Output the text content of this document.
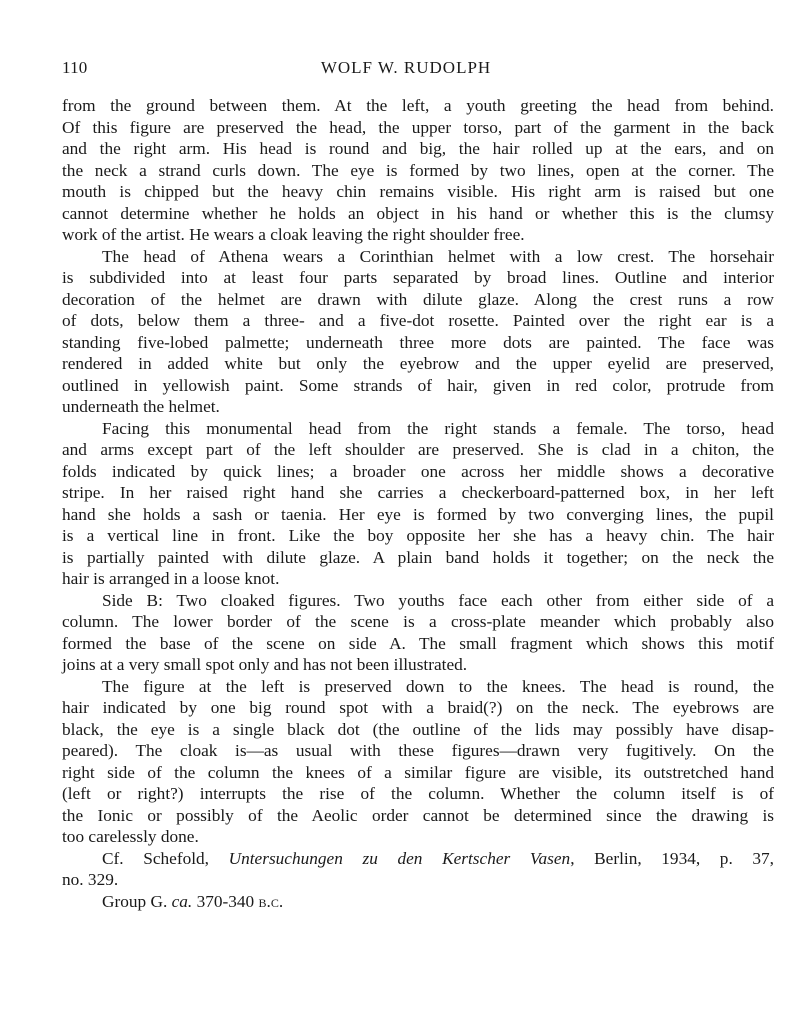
110	WOLF W. RUDOLPH
from the ground between them. At the left, a youth greeting the head from behind.
Of this figure are preserved the head, the upper torso, part of the garment in the back
and the right arm. His head is round and big, the hair rolled up at the ears, and on
the neck a strand curls down. The eye is formed by two lines, open at the corner. The
mouth is chipped but the heavy chin remains visible. His right arm is raised but one
cannot determine whether he holds an object in his hand or whether this is the clumsy
work of the artist. He wears a cloak leaving the right shoulder free.
The head of Athena wears a Corinthian helmet with a low crest. The horsehair
is subdivided into at least four parts separated by broad lines. Outline and interior
decoration of the helmet are drawn with dilute glaze. Along the crest runs a row
of dots, below them a three- and a five-dot rosette. Painted over the right ear is a
standing five-lobed palmette; underneath three more dots are painted. The face was
rendered in added white but only the eyebrow and the upper eyelid are preserved,
outlined in yellowish paint. Some strands of hair, given in red color, protrude from
underneath the helmet.
Facing this monumental head from the right stands a female. The torso, head
and arms except part of the left shoulder are preserved. She is clad in a chiton, the
folds indicated by quick lines; a broader one across her middle shows a decorative
stripe. In her raised right hand she carries a checkerboard-patterned box, in her left
hand she holds a sash or taenia. Her eye is formed by two converging lines, the pupil
is a vertical line in front. Like the boy opposite her she has a heavy chin. The hair
is partially painted with dilute glaze. A plain band holds it together; on the neck the
hair is arranged in a loose knot.
Side B: Two cloaked figures. Two youths face each other from either side of a
column. The lower border of the scene is a cross-plate meander which probably also
formed the base of the scene on side A. The small fragment which shows this motif
joins at a very small spot only and has not been illustrated.
The figure at the left is preserved down to the knees. The head is round, the
hair indicated by one big round spot with a braid(?) on the neck. The eyebrows are
black, the eye is a single black dot (the outline of the lids may possibly have disap-
peared). The cloak is—as usual with these figures—drawn very fugitively. On the
right side of the column the knees of a similar figure are visible, its outstretched hand
(left or right?) interrupts the rise of the column. Whether the column itself is of
the Ionic or possibly of the Aeolic order cannot be determined since the drawing is
too carelessly done.
Cf. Schefold, Untersuchungen zu den Kertscher Vasen, Berlin, 1934, p. 37,
no. 329.
Group G. ca. 370-340 b.c.
